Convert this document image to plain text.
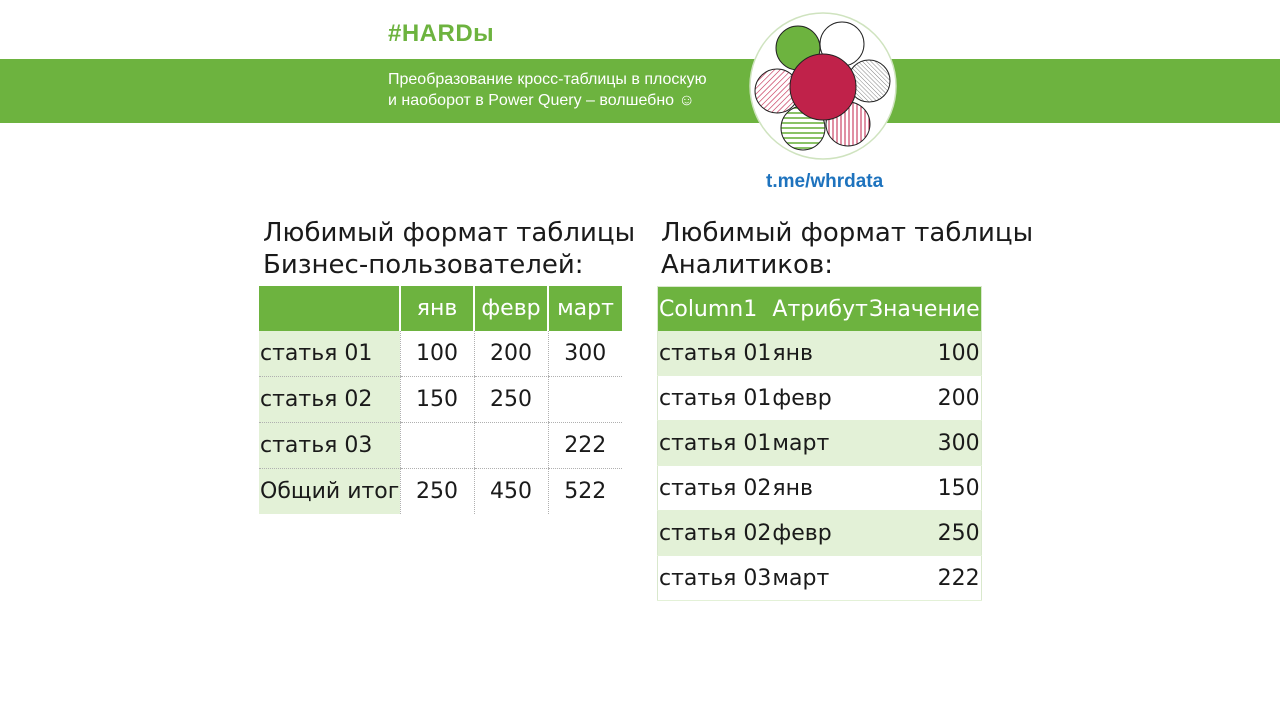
#HARDы
Преобразование кросс-таблицы в плоскую
и наоборот в Power Query – волшебно ☺
t.me/whrdata
Любимый формат таблицы
Бизнес-пользователей:
Любимый формат таблицы
Аналитиков:
	янв	февр	март
статья 01	100	200	300
статья 02	150	250	
статья 03			222
Общий итог	250	450	522
Column1	Атрибут	Значение
статья 01	янв	100
статья 01	февр	200
статья 01	март	300
статья 02	янв	150
статья 02	февр	250
статья 03	март	222
